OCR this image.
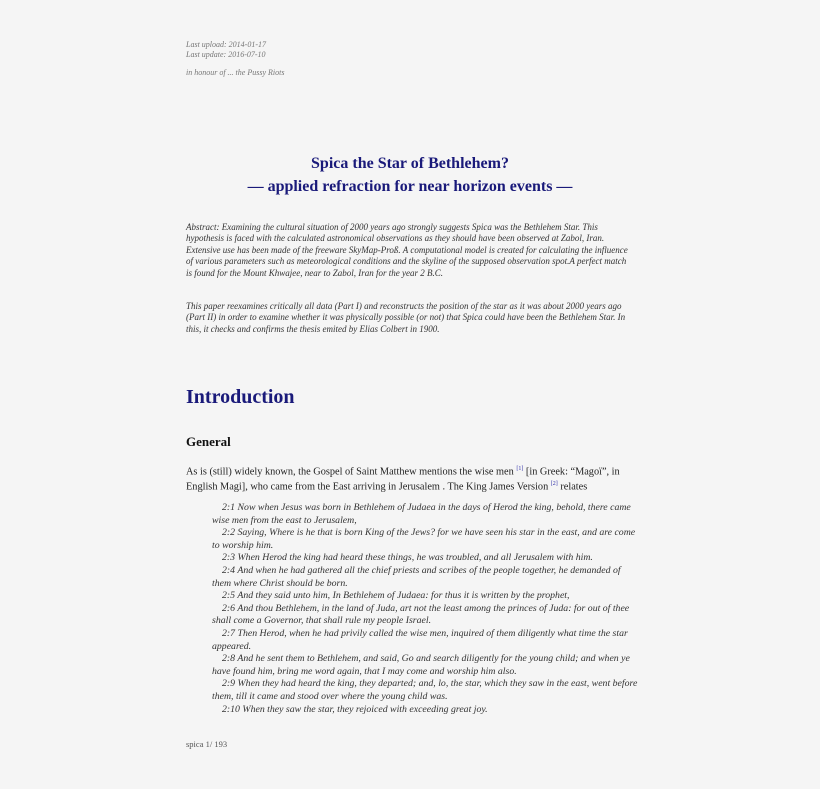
Last upload: 2014-01-17
Last update: 2016-07-10
in honour of ... the Pussy Riots
Spica the Star of Bethlehem?
— applied refraction for near horizon events —
Abstract: Examining the cultural situation of 2000 years ago strongly suggests Spica was the Bethlehem Star. This hypothesis is faced with the calculated astronomical observations as they should have been observed at Zabol, Iran. Extensive use has been made of the freeware SkyMap-Proß. A computational model is created for calculating the influence of various parameters such as meteorological conditions and the skyline of the supposed observation spot.A perfect match is found for the Mount Khwajee, near to Zabol, Iran for the year 2 B.C.
This paper reexamines critically all data (Part I) and reconstructs the position of the star as it was about 2000 years ago (Part II) in order to examine whether it was physically possible (or not) that Spica could have been the Bethlehem Star. In this, it checks and confirms the thesis emited by Elias Colbert in 1900.
Introduction
General
As is (still) widely known, the Gospel of Saint Matthew mentions the wise men [1] [in Greek: “Magoï”, in English Magi], who came from the East arriving in Jerusalem . The King James Version [2] relates
2:1 Now when Jesus was born in Bethlehem of Judaea in the days of Herod the king, behold, there came wise men from the east to Jerusalem,
2:2 Saying, Where is he that is born King of the Jews? for we have seen his star in the east, and are come to worship him.
2:3 When Herod the king had heard these things, he was troubled, and all Jerusalem with him.
2:4 And when he had gathered all the chief priests and scribes of the people together, he demanded of them where Christ should be born.
2:5 And they said unto him, In Bethlehem of Judaea: for thus it is written by the prophet,
2:6 And thou Bethlehem, in the land of Juda, art not the least among the princes of Juda: for out of thee shall come a Governor, that shall rule my people Israel.
2:7 Then Herod, when he had privily called the wise men, inquired of them diligently what time the star appeared.
2:8 And he sent them to Bethlehem, and said, Go and search diligently for the young child; and when ye have found him, bring me word again, that I may come and worship him also.
2:9 When they had heard the king, they departed; and, lo, the star, which they saw in the east, went before them, till it came and stood over where the young child was.
2:10 When they saw the star, they rejoiced with exceeding great joy.
spica 1/ 193
